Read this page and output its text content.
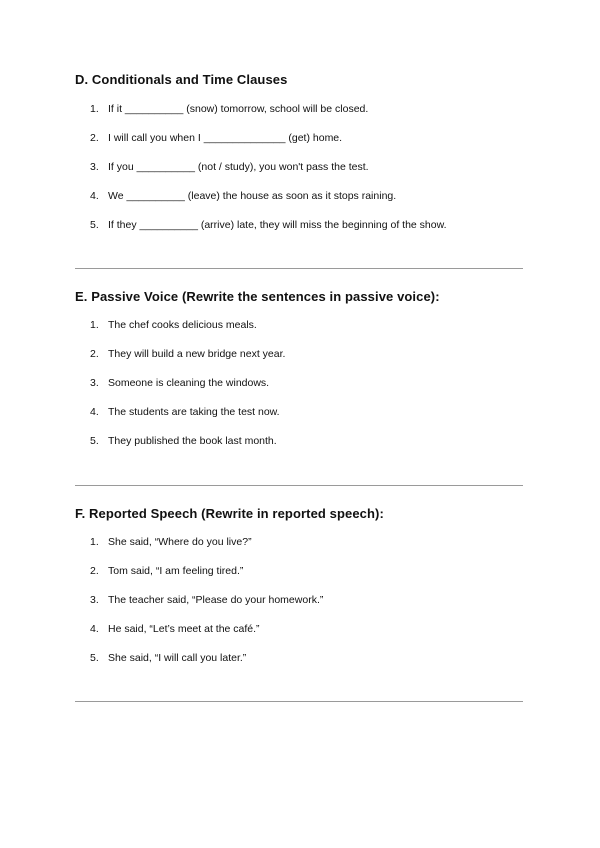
D. Conditionals and Time Clauses
1. If it __________ (snow) tomorrow, school will be closed.
2. I will call you when I ______________ (get) home.
3. If you __________ (not / study), you won't pass the test.
4. We __________ (leave) the house as soon as it stops raining.
5. If they __________ (arrive) late, they will miss the beginning of the show.
E. Passive Voice (Rewrite the sentences in passive voice):
1. The chef cooks delicious meals.
2. They will build a new bridge next year.
3. Someone is cleaning the windows.
4. The students are taking the test now.
5. They published the book last month.
F. Reported Speech (Rewrite in reported speech):
1. She said, “Where do you live?”
2. Tom said, “I am feeling tired.”
3. The teacher said, “Please do your homework.”
4. He said, “Let’s meet at the café.”
5. She said, “I will call you later.”
